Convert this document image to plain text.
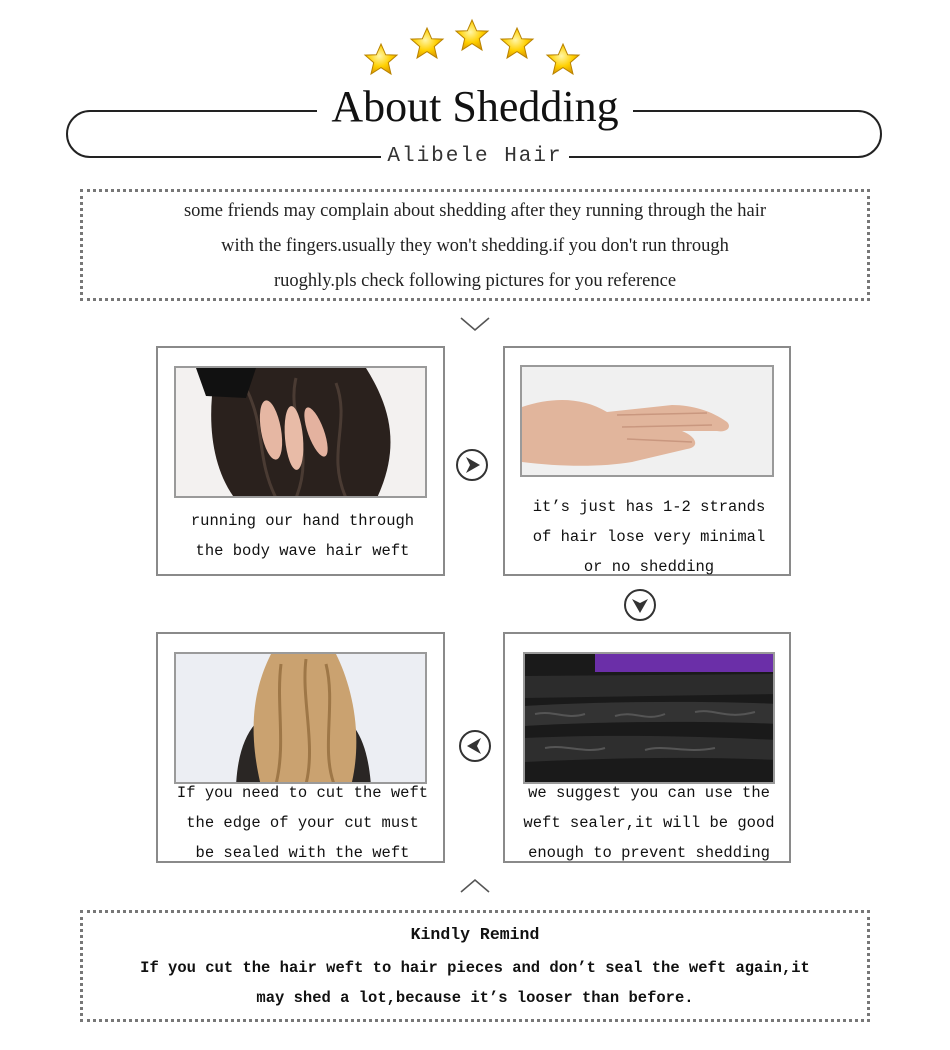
About Shedding
Alibele Hair

some friends may complain about shedding after they running through the hair

with the fingers.usually they won't shedding.if you don't run through

ruoghly.pls check following pictures for you reference

running our hand through
the body wave hair weft
it’s just has 1-2 strands
of hair lose very minimal
or no shedding
If you need to cut the weft
the edge of your cut must
be sealed with the weft
we suggest you can use the
weft sealer,it will be good
enough to prevent shedding
Kindly Remind
If you cut the hair weft to hair pieces and don’t seal the weft again,it
may shed a lot,because it’s looser than before.
